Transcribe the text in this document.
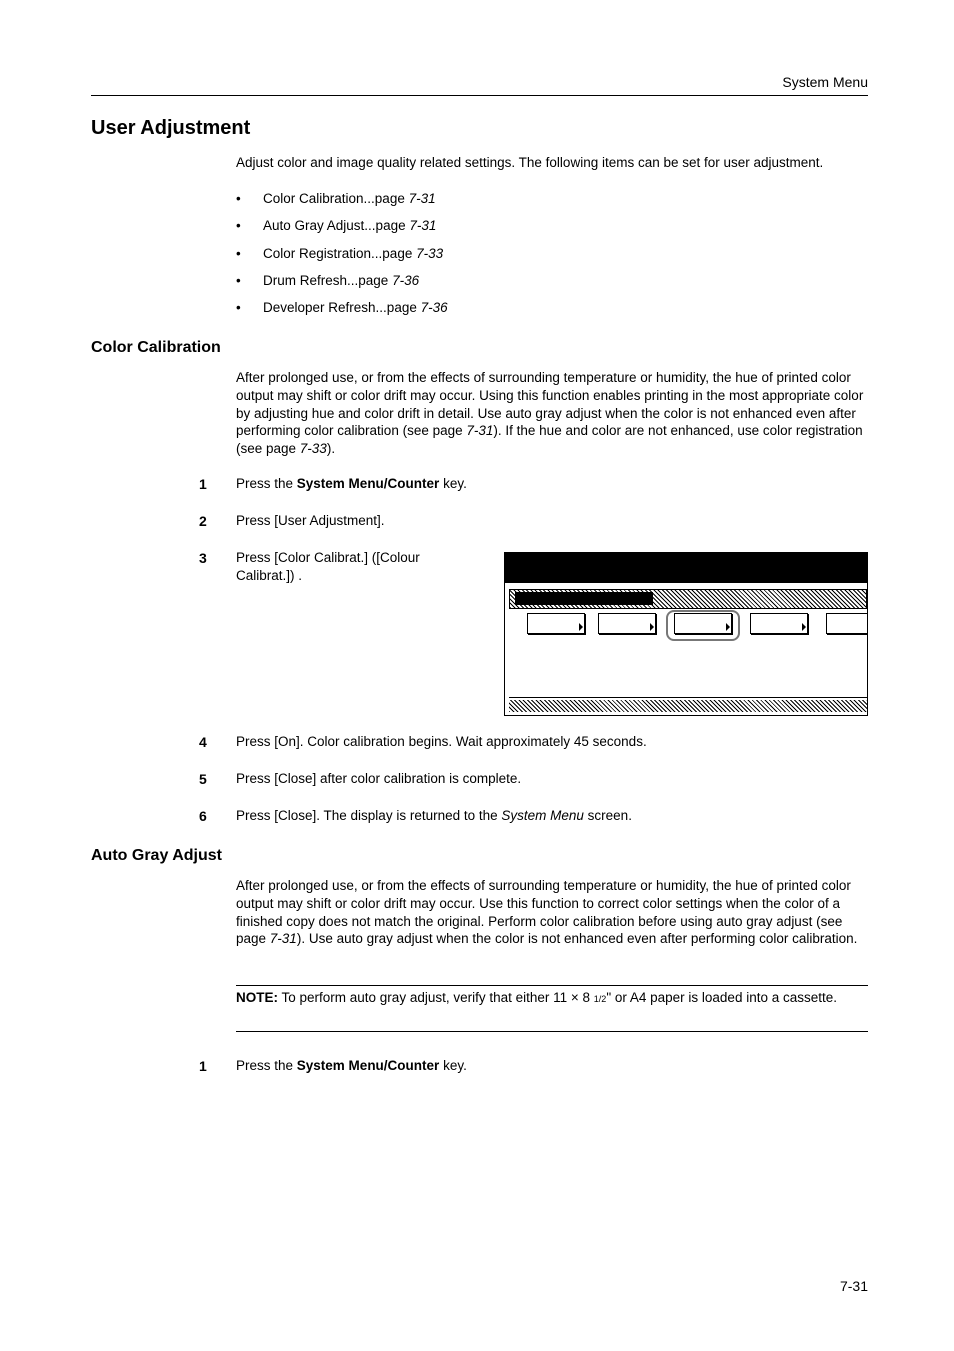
System Menu
User Adjustment

Adjust color and image quality related settings. The following items can be set for user adjustment.

• Color Calibration...page 7-31
• Auto Gray Adjust...page 7-31
• Color Registration...page 7-33
• Drum Refresh...page 7-36
• Developer Refresh...page 7-36
Color Calibration

After prolonged use, or from the effects of surrounding temperature or humidity, the hue of printed color output may shift or color drift may occur. Using this function enables printing in the most appropriate color by adjusting hue and color drift in detail. Use auto gray adjust when the color is not enhanced even after performing color calibration (see page 7-31). If the hue and color are not enhanced, use color registration (see page 7-33).

1 Press the System Menu/Counter key.
2 Press [User Adjustment].
3 Press [Color Calibrat.] ([Colour
Calibrat.]) .
4 Press [On]. Color calibration begins. Wait approximately 45 seconds.
5 Press [Close] after color calibration is complete.
6 Press [Close]. The display is returned to the System Menu screen.
Auto Gray Adjust

After prolonged use, or from the effects of surrounding temperature or humidity, the hue of printed color output may shift or color drift may occur. Use this function to correct color settings when the color of a finished copy does not match the original. Perform color calibration before using auto gray adjust (see page 7-31). Use auto gray adjust when the color is not enhanced even after performing color calibration.

NOTE: To perform auto gray adjust, verify that either 11 × 8 1/2" or A4 paper is loaded into a cassette.

1 Press the System Menu/Counter key.
7-31
